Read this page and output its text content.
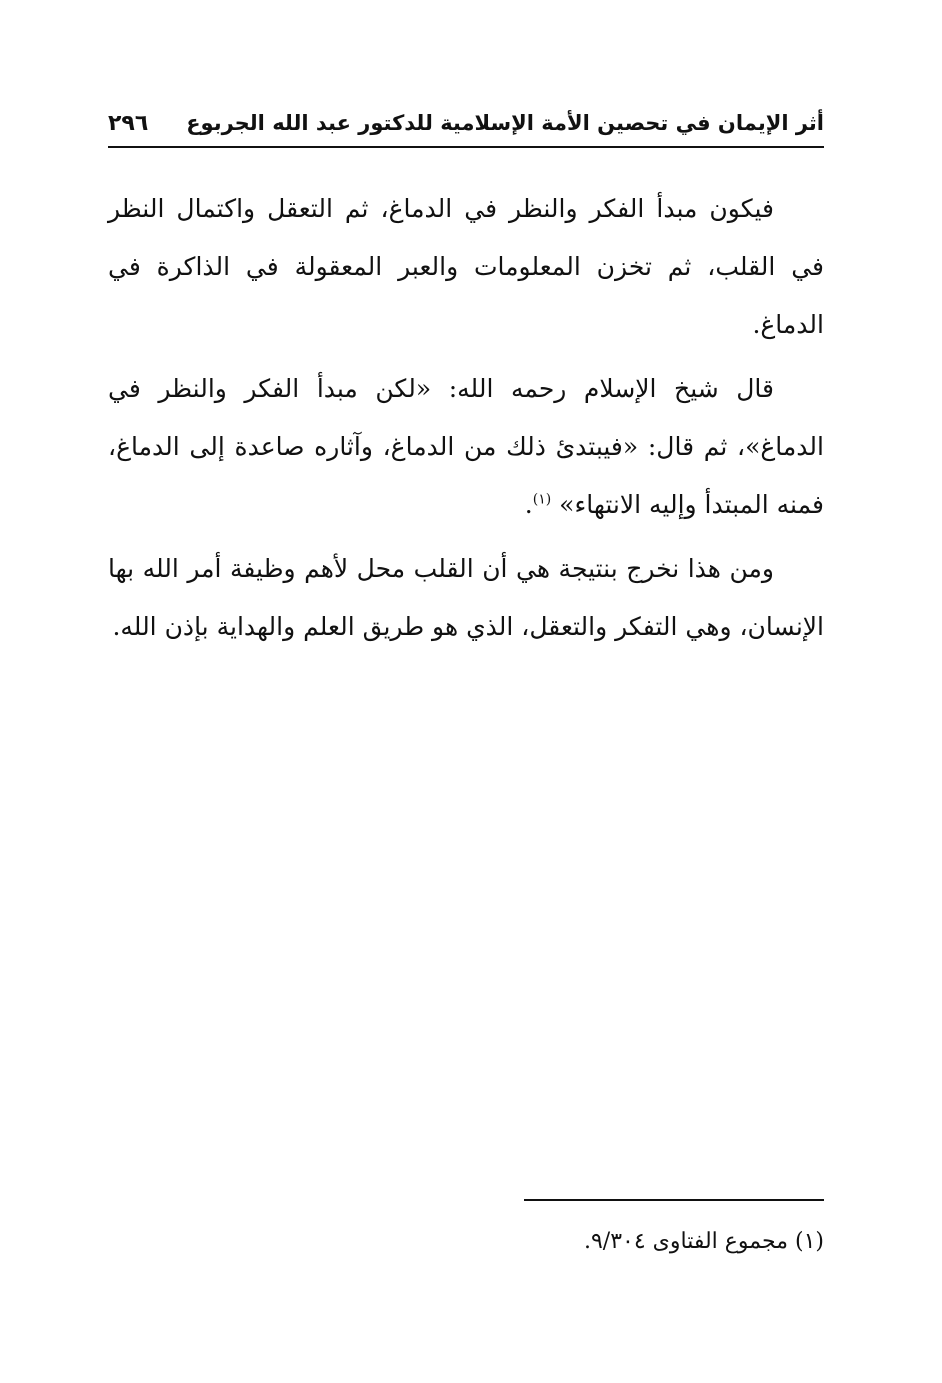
أثر الإيمان في تحصين الأمة الإسلامية للدكتور عبد الله الجربوع
٢٩٦

فيكون مبدأ الفكر والنظر في الدماغ، ثم التعقل واكتمال النظر في القلب، ثم تخزن المعلومات والعبر المعقولة في الذاكرة في الدماغ.

قال شيخ الإسلام رحمه الله: «لكن مبدأ الفكر والنظر في الدماغ»، ثم قال: «فيبتدئ ذلك من الدماغ، وآثاره صاعدة إلى الدماغ، فمنه المبتدأ وإليه الانتهاء» $^{(١)}$.

ومن هذا نخرج بنتيجة هي أن القلب محل لأهم وظيفة أمر الله بها الإنسان، وهي التفكر والتعقل، الذي هو طريق العلم والهداية بإذن الله.

(١) مجموع الفتاوى ٩/٣٠٤.
